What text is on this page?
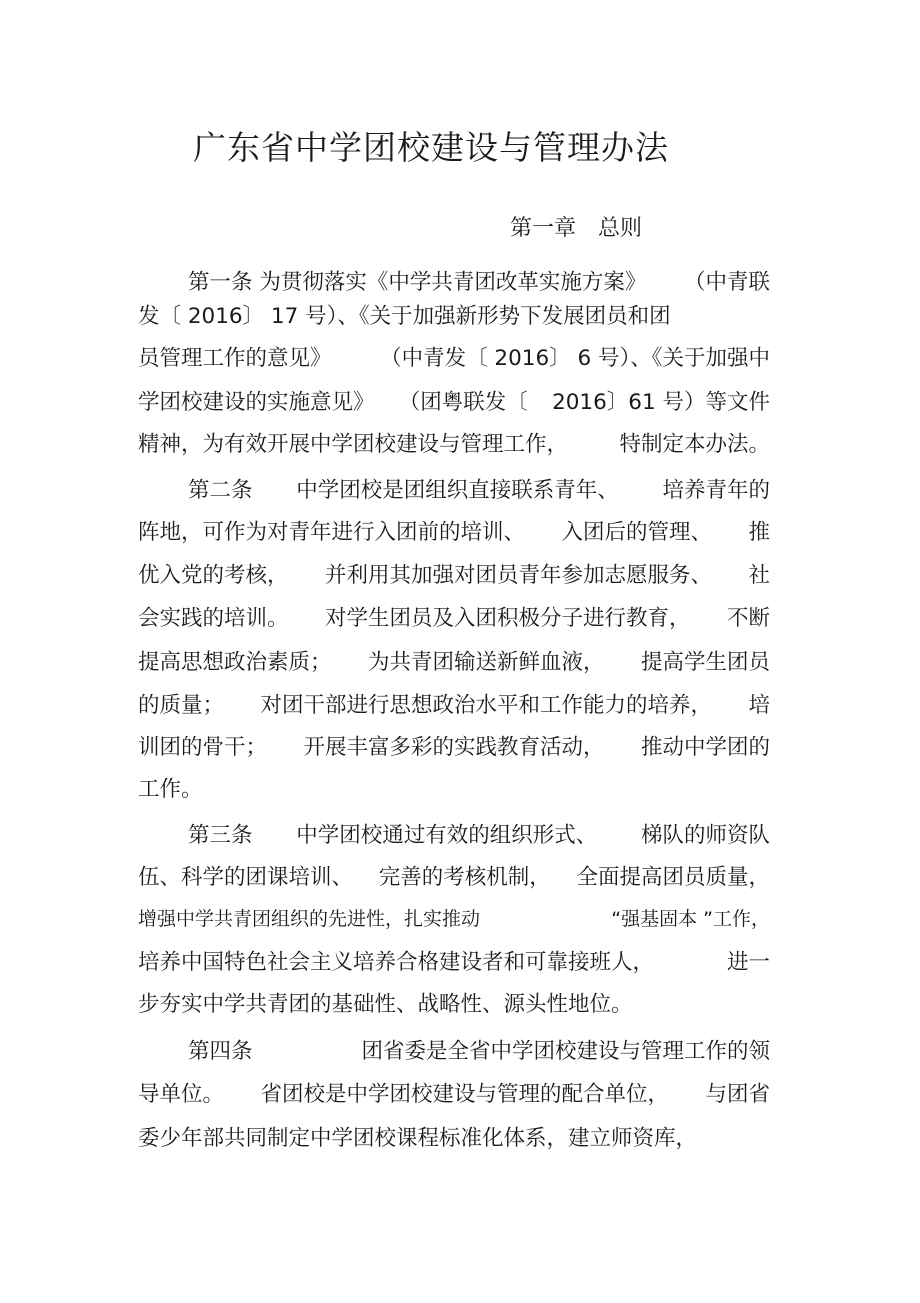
广东省中学团校建设与管理办法
第一章　总则
第一条 为贯彻落实《中学共青团改革实施方案》 （中青联
发〔 2016〕 17 号）、《关于加强新形势下发展团员和团
员管理工作的意见》 （中青发〔 2016〕 6 号）、《关于加强中
学团校建设的实施意见》 （团粤联发〔 2016〕61 号）等文件
精神，为有效开展中学团校建设与管理工作， 特制定本办法。
第二条 中学团校是团组织直接联系青年、 培养青年的
阵地，可作为对青年进行入团前的培训、 入团后的管理、 推
优入党的考核， 并利用其加强对团员青年参加志愿服务、 社
会实践的培训。 对学生团员及入团积极分子进行教育， 不断
提高思想政治素质； 为共青团输送新鲜血液， 提高学生团员
的质量； 对团干部进行思想政治水平和工作能力的培养， 培
训团的骨干； 开展丰富多彩的实践教育活动， 推动中学团的
工作。
第三条 中学团校通过有效的组织形式、 梯队的师资队
伍、科学的团课培训、 完善的考核机制， 全面提高团员质量，
增强中学共青团组织的先进性，扎实推动	“强基固本 ”工作，
培养中国特色社会主义培养合格建设者和可靠接班人，	进一
步夯实中学共青团的基础性、战略性、源头性地位。
第四条	团省委是全省中学团校建设与管理工作的领
导单位。 省团校是中学团校建设与管理的配合单位， 与团省
委少年部共同制定中学团校课程标准化体系，建立师资库，
